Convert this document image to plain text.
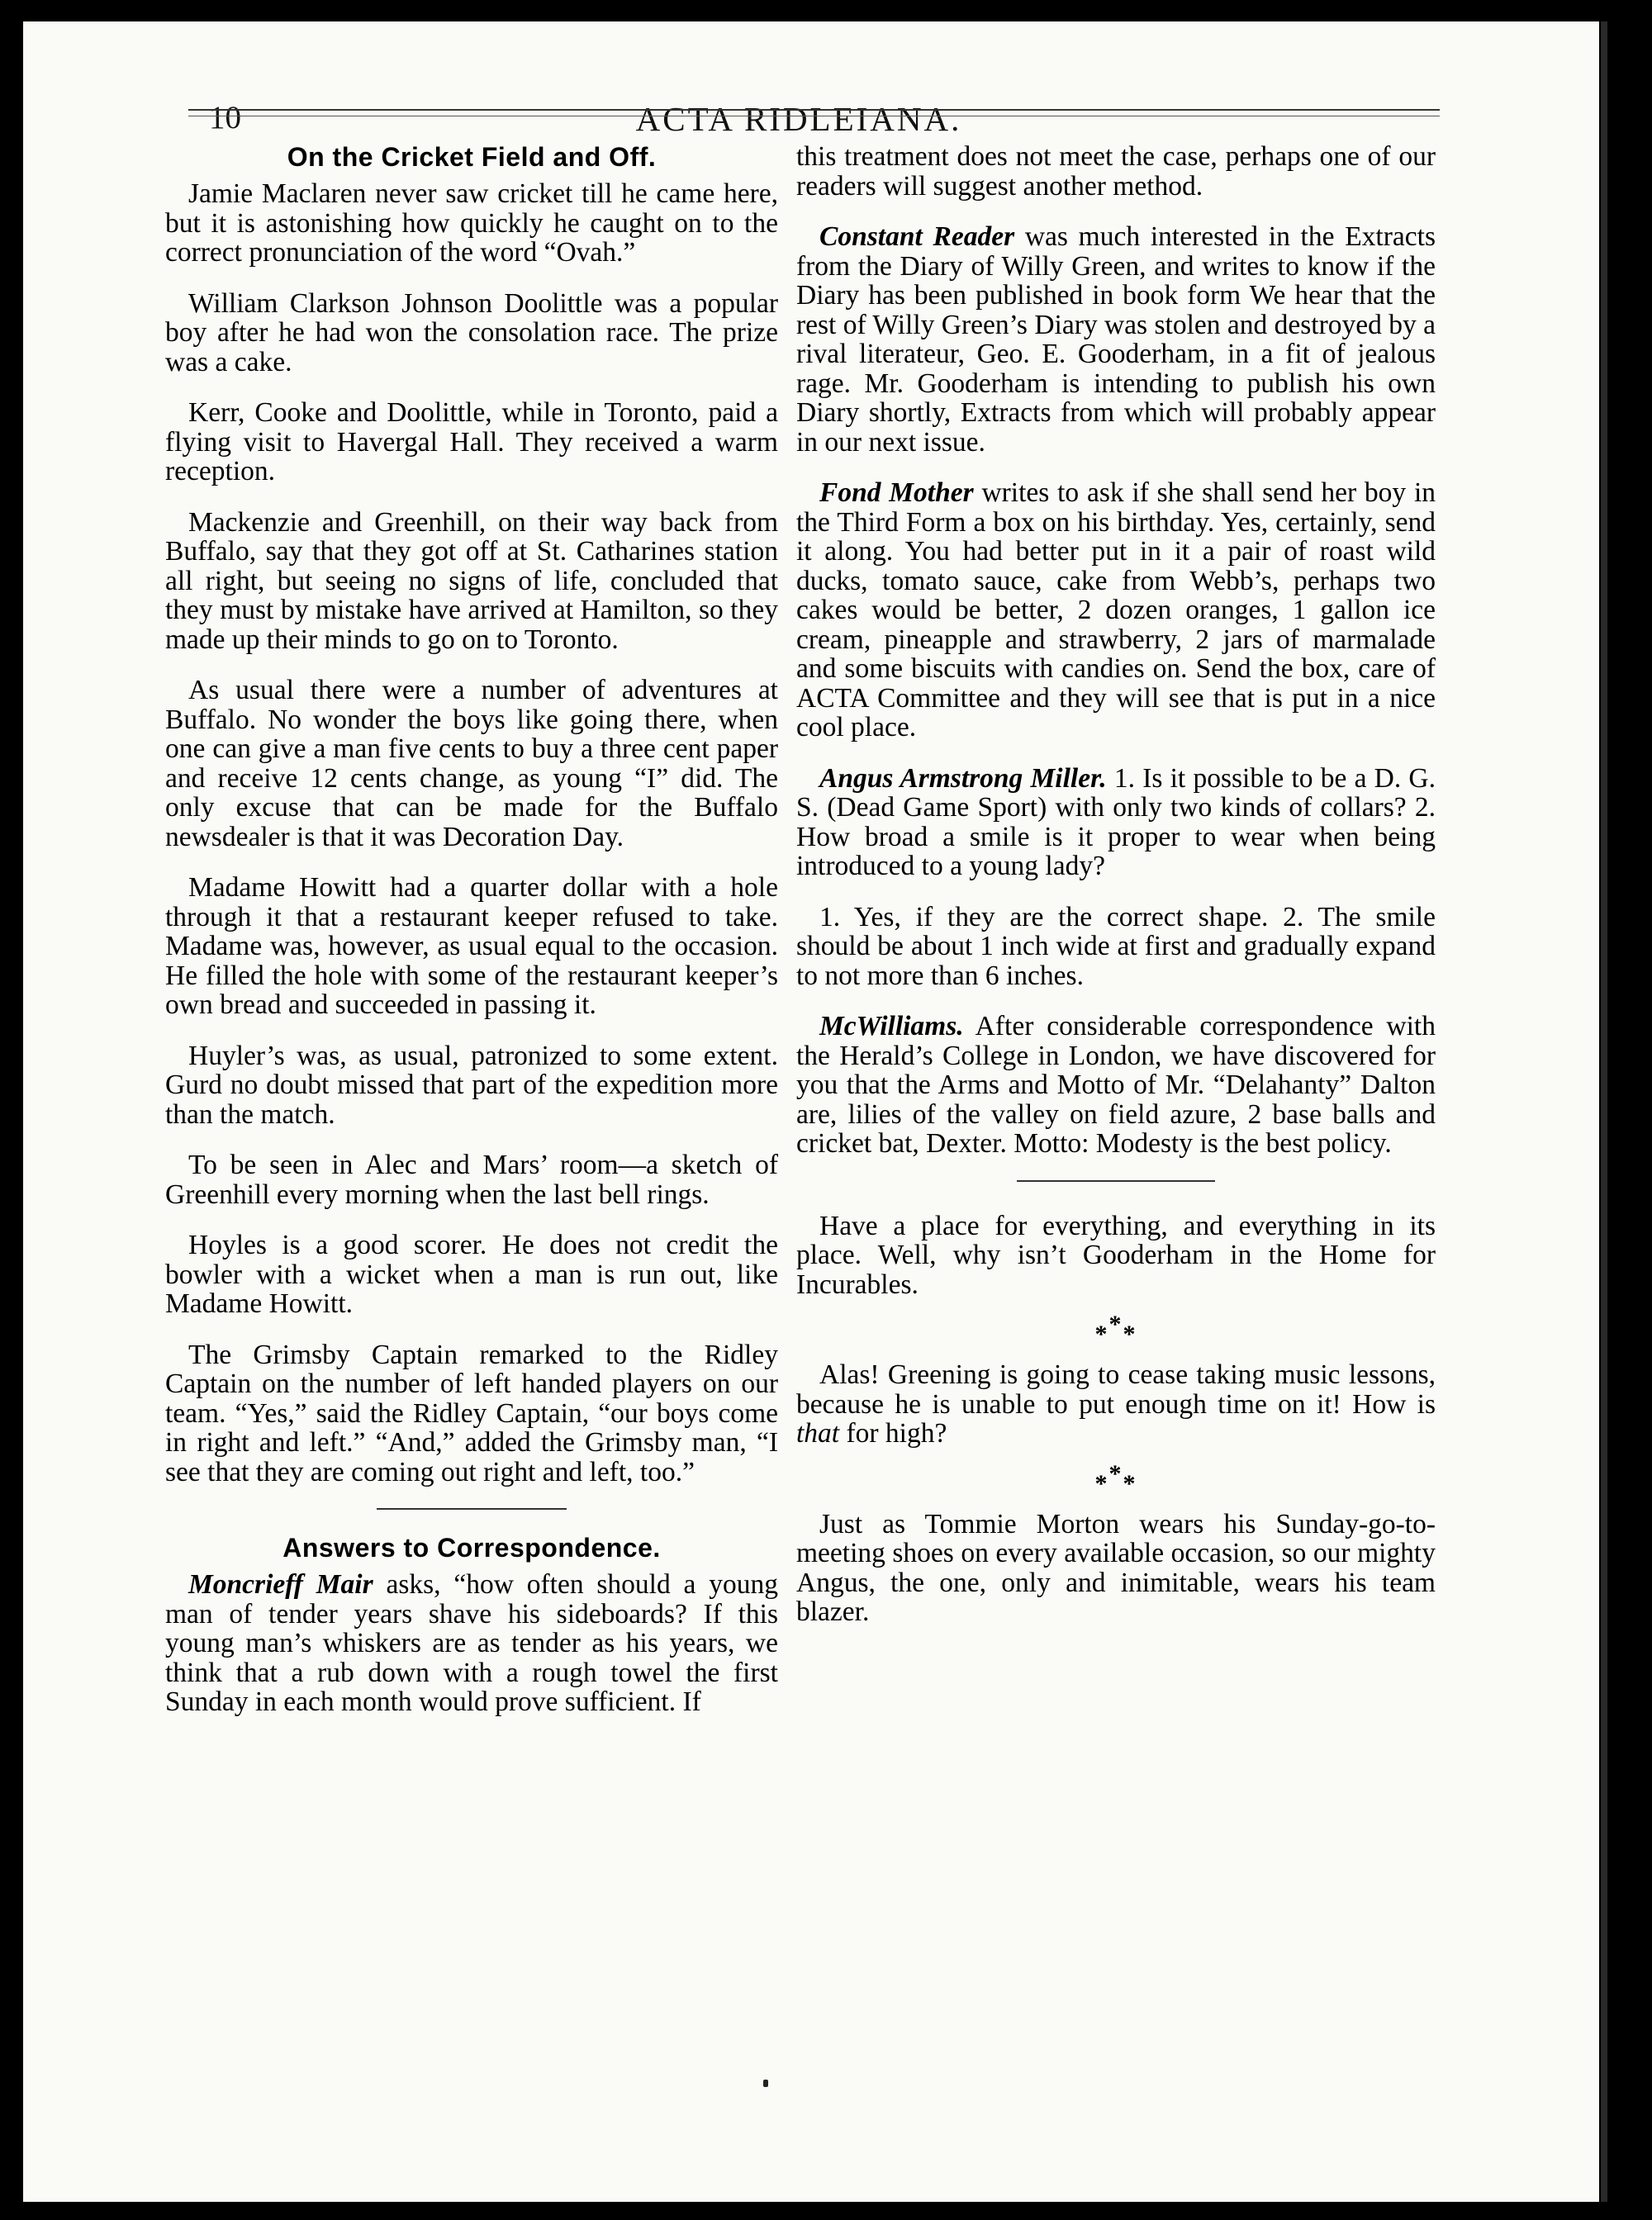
10	ACTA RIDLEIANA.
On the Cricket Field and Off.

Jamie Maclaren never saw cricket till he came here, but it is astonishing how quickly he caught on to the correct pronunciation of the word “Ovah.”

William Clarkson Johnson Doolittle was a popular boy after he had won the consolation race. The prize was a cake.

Kerr, Cooke and Doolittle, while in Toronto, paid a flying visit to Havergal Hall. They received a warm reception.

Mackenzie and Greenhill, on their way back from Buffalo, say that they got off at St. Catharines station all right, but seeing no signs of life, concluded that they must by mistake have arrived at Hamilton, so they made up their minds to go on to Toronto.

As usual there were a number of adventures at Buffalo. No wonder the boys like going there, when one can give a man five cents to buy a three cent paper and receive 12 cents change, as young “I” did. The only excuse that can be made for the Buffalo newsdealer is that it was Decoration Day.

Madame Howitt had a quarter dollar with a hole through it that a restaurant keeper refused to take. Madame was, however, as usual equal to the occasion. He filled the hole with some of the restaurant keeper’s own bread and succeeded in passing it.

Huyler’s was, as usual, patronized to some extent. Gurd no doubt missed that part of the expedition more than the match.

To be seen in Alec and Mars’ room—a sketch of Greenhill every morning when the last bell rings.

Hoyles is a good scorer. He does not credit the bowler with a wicket when a man is run out, like Madame Howitt.

The Grimsby Captain remarked to the Ridley Captain on the number of left handed players on our team. “Yes,” said the Ridley Captain, “our boys come in right and left.” “And,” added the Grimsby man, “I see that they are coming out right and left, too.”

Answers to Correspondence.

Moncrieff Mair asks, “how often should a young man of tender years shave his sideboards? If this young man’s whiskers are as tender as his years, we think that a rub down with a rough towel the first Sunday in each month would prove sufficient. If

this treatment does not meet the case, perhaps one of our readers will suggest another method.

Constant Reader was much interested in the Extracts from the Diary of Willy Green, and writes to know if the Diary has been published in book form We hear that the rest of Willy Green’s Diary was stolen and destroyed by a rival literateur, Geo. E. Gooderham, in a fit of jealous rage. Mr. Gooderham is intending to publish his own Diary shortly, Extracts from which will probably appear in our next issue.

Fond Mother writes to ask if she shall send her boy in the Third Form a box on his birthday. Yes, certainly, send it along. You had better put in it a pair of roast wild ducks, tomato sauce, cake from Webb’s, perhaps two cakes would be better, 2 dozen oranges, 1 gallon ice cream, pineapple and strawberry, 2 jars of marmalade and some biscuits with candies on. Send the box, care of ACTA Committee and they will see that is put in a nice cool place.

Angus Armstrong Miller. 1. Is it possible to be a D. G. S. (Dead Game Sport) with only two kinds of collars? 2. How broad a smile is it proper to wear when being introduced to a young lady?

1. Yes, if they are the correct shape. 2. The smile should be about 1 inch wide at first and gradually expand to not more than 6 inches.

McWilliams. After considerable correspondence with the Herald’s College in London, we have discovered for you that the Arms and Motto of Mr. “Delahanty” Dalton are, lilies of the valley on field azure, 2 base balls and cricket bat, Dexter. Motto: Modesty is the best policy.

Have a place for everything, and everything in its place. Well, why isn’t Gooderham in the Home for Incurables.

***

Alas! Greening is going to cease taking music lessons, because he is unable to put enough time on it! How is that for high?

***

Just as Tommie Morton wears his Sunday-go-to-meeting shoes on every available occasion, so our mighty Angus, the one, only and inimitable, wears his team blazer.
